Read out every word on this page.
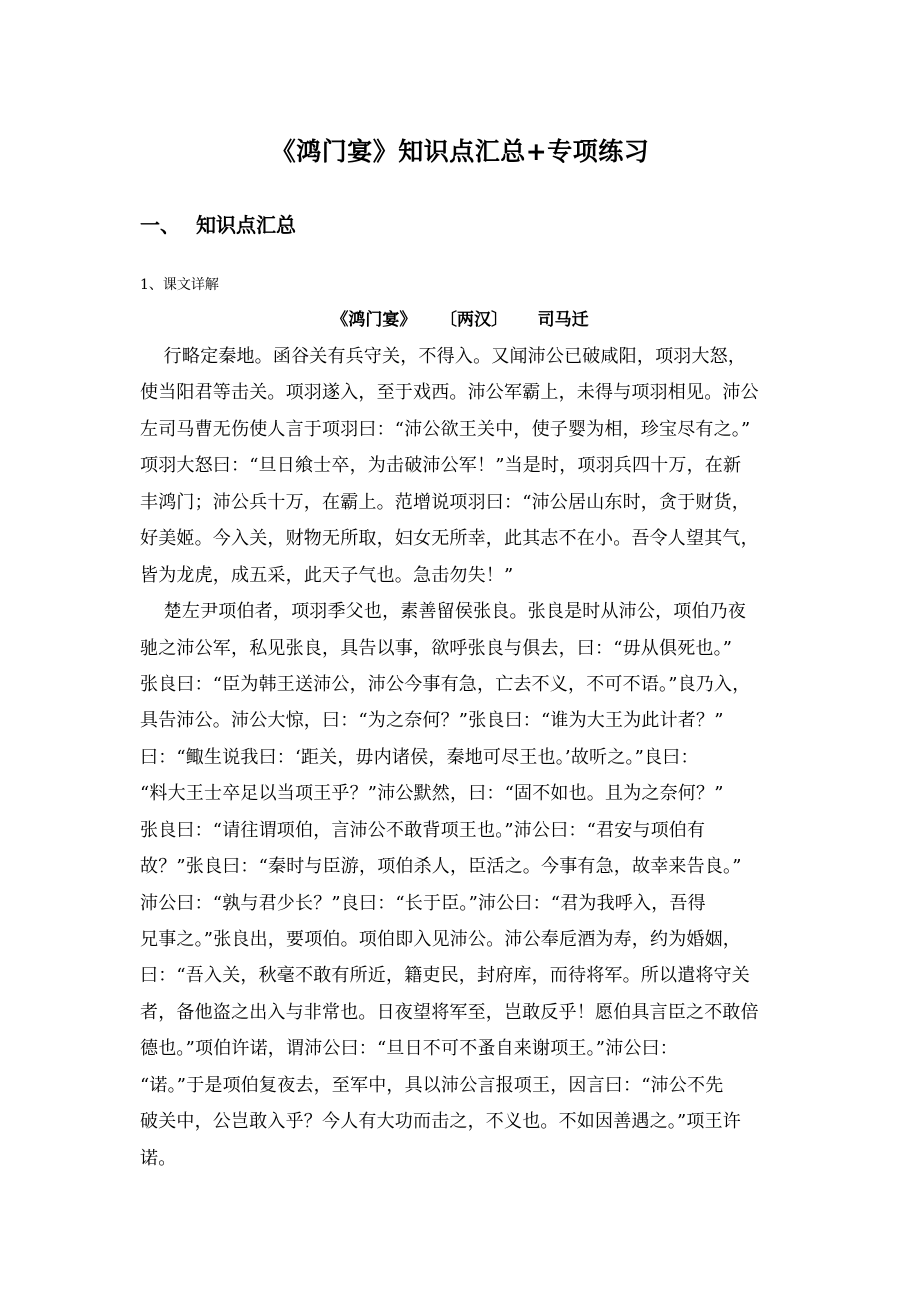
《鸿门宴》知识点汇总+专项练习
一、 知识点汇总
1、课文详解
《鸿门宴》    〔两汉〕     司马迁
行略定秦地。函谷关有兵守关，不得入。又闻沛公已破咸阳，项羽大怒，
使当阳君等击关。项羽遂入，至于戏西。沛公军霸上，未得与项羽相见。沛公
左司马曹无伤使人言于项羽曰：“沛公欲王关中，使子婴为相，珍宝尽有之。”
项羽大怒曰：“旦日飨士卒，为击破沛公军！”当是时，项羽兵四十万，在新
丰鸿门；沛公兵十万，在霸上。范增说项羽曰：“沛公居山东时，贪于财货，
好美姬。今入关，财物无所取，妇女无所幸，此其志不在小。吾令人望其气，
皆为龙虎，成五采，此天子气也。急击勿失！”
楚左尹项伯者，项羽季父也，素善留侯张良。张良是时从沛公，项伯乃夜
驰之沛公军，私见张良，具告以事，欲呼张良与俱去，曰：“毋从俱死也。”
张良曰：“臣为韩王送沛公，沛公今事有急，亡去不义，不可不语。”良乃入，
具告沛公。沛公大惊，曰：“为之奈何？”张良曰：“谁为大王为此计者？”
曰：“鲰生说我曰：‘距关，毋内诸侯，秦地可尽王也。’故听之。”良曰：
“料大王士卒足以当项王乎？”沛公默然，曰：“固不如也。且为之奈何？”
张良曰：“请往谓项伯，言沛公不敢背项王也。”沛公曰：“君安与项伯有
故？”张良曰：“秦时与臣游，项伯杀人，臣活之。今事有急，故幸来告良。”
沛公曰：“孰与君少长？”良曰：“长于臣。”沛公曰：“君为我呼入，吾得
兄事之。”张良出，要项伯。项伯即入见沛公。沛公奉卮酒为寿，约为婚姻，
曰：“吾入关，秋毫不敢有所近，籍吏民，封府库，而待将军。所以遣将守关
者，备他盗之出入与非常也。日夜望将军至，岂敢反乎！愿伯具言臣之不敢倍
德也。”项伯许诺，谓沛公曰：“旦日不可不蚤自来谢项王。”沛公曰：
“诺。”于是项伯复夜去，至军中，具以沛公言报项王，因言曰：“沛公不先
破关中，公岂敢入乎？今人有大功而击之，不义也。不如因善遇之。”项王许
诺。
